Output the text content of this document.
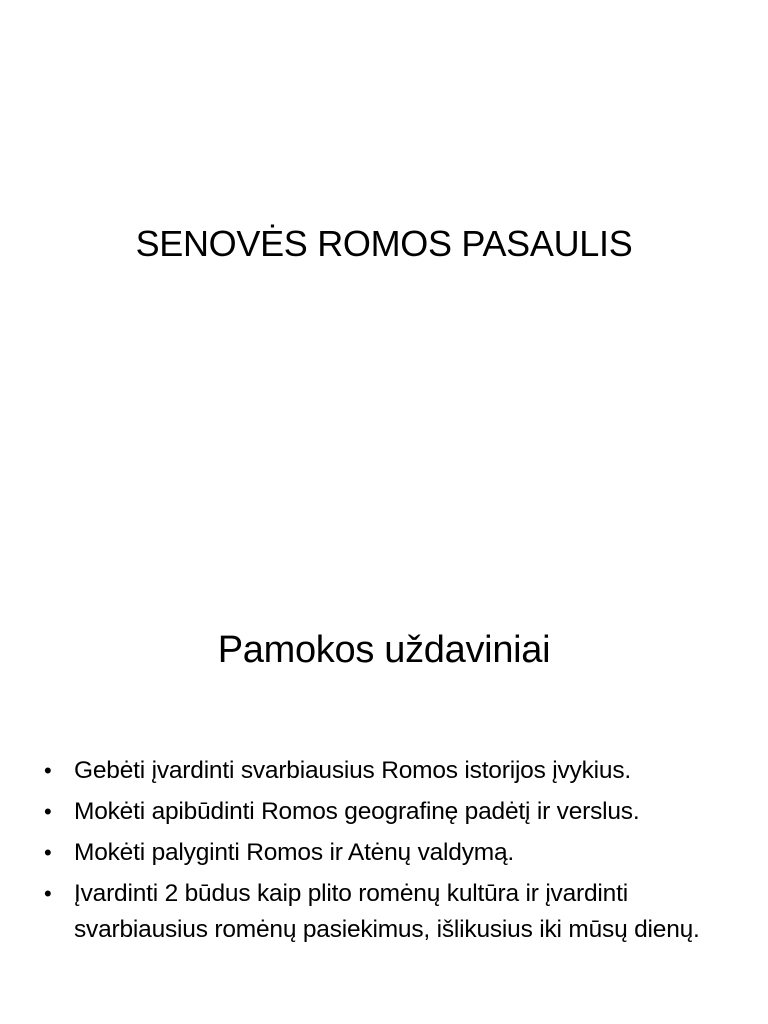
SENOVĖS ROMOS PASAULIS
Pamokos uždaviniai
• Gebėti įvardinti svarbiausius Romos istorijos įvykius.
• Mokėti apibūdinti Romos geografinę padėtį ir verslus.
• Mokėti palyginti Romos ir Atėnų valdymą.
• Įvardinti 2 būdus kaip plito romėnų kultūra ir įvardinti svarbiausius romėnų pasiekimus, išlikusius iki mūsų dienų.
